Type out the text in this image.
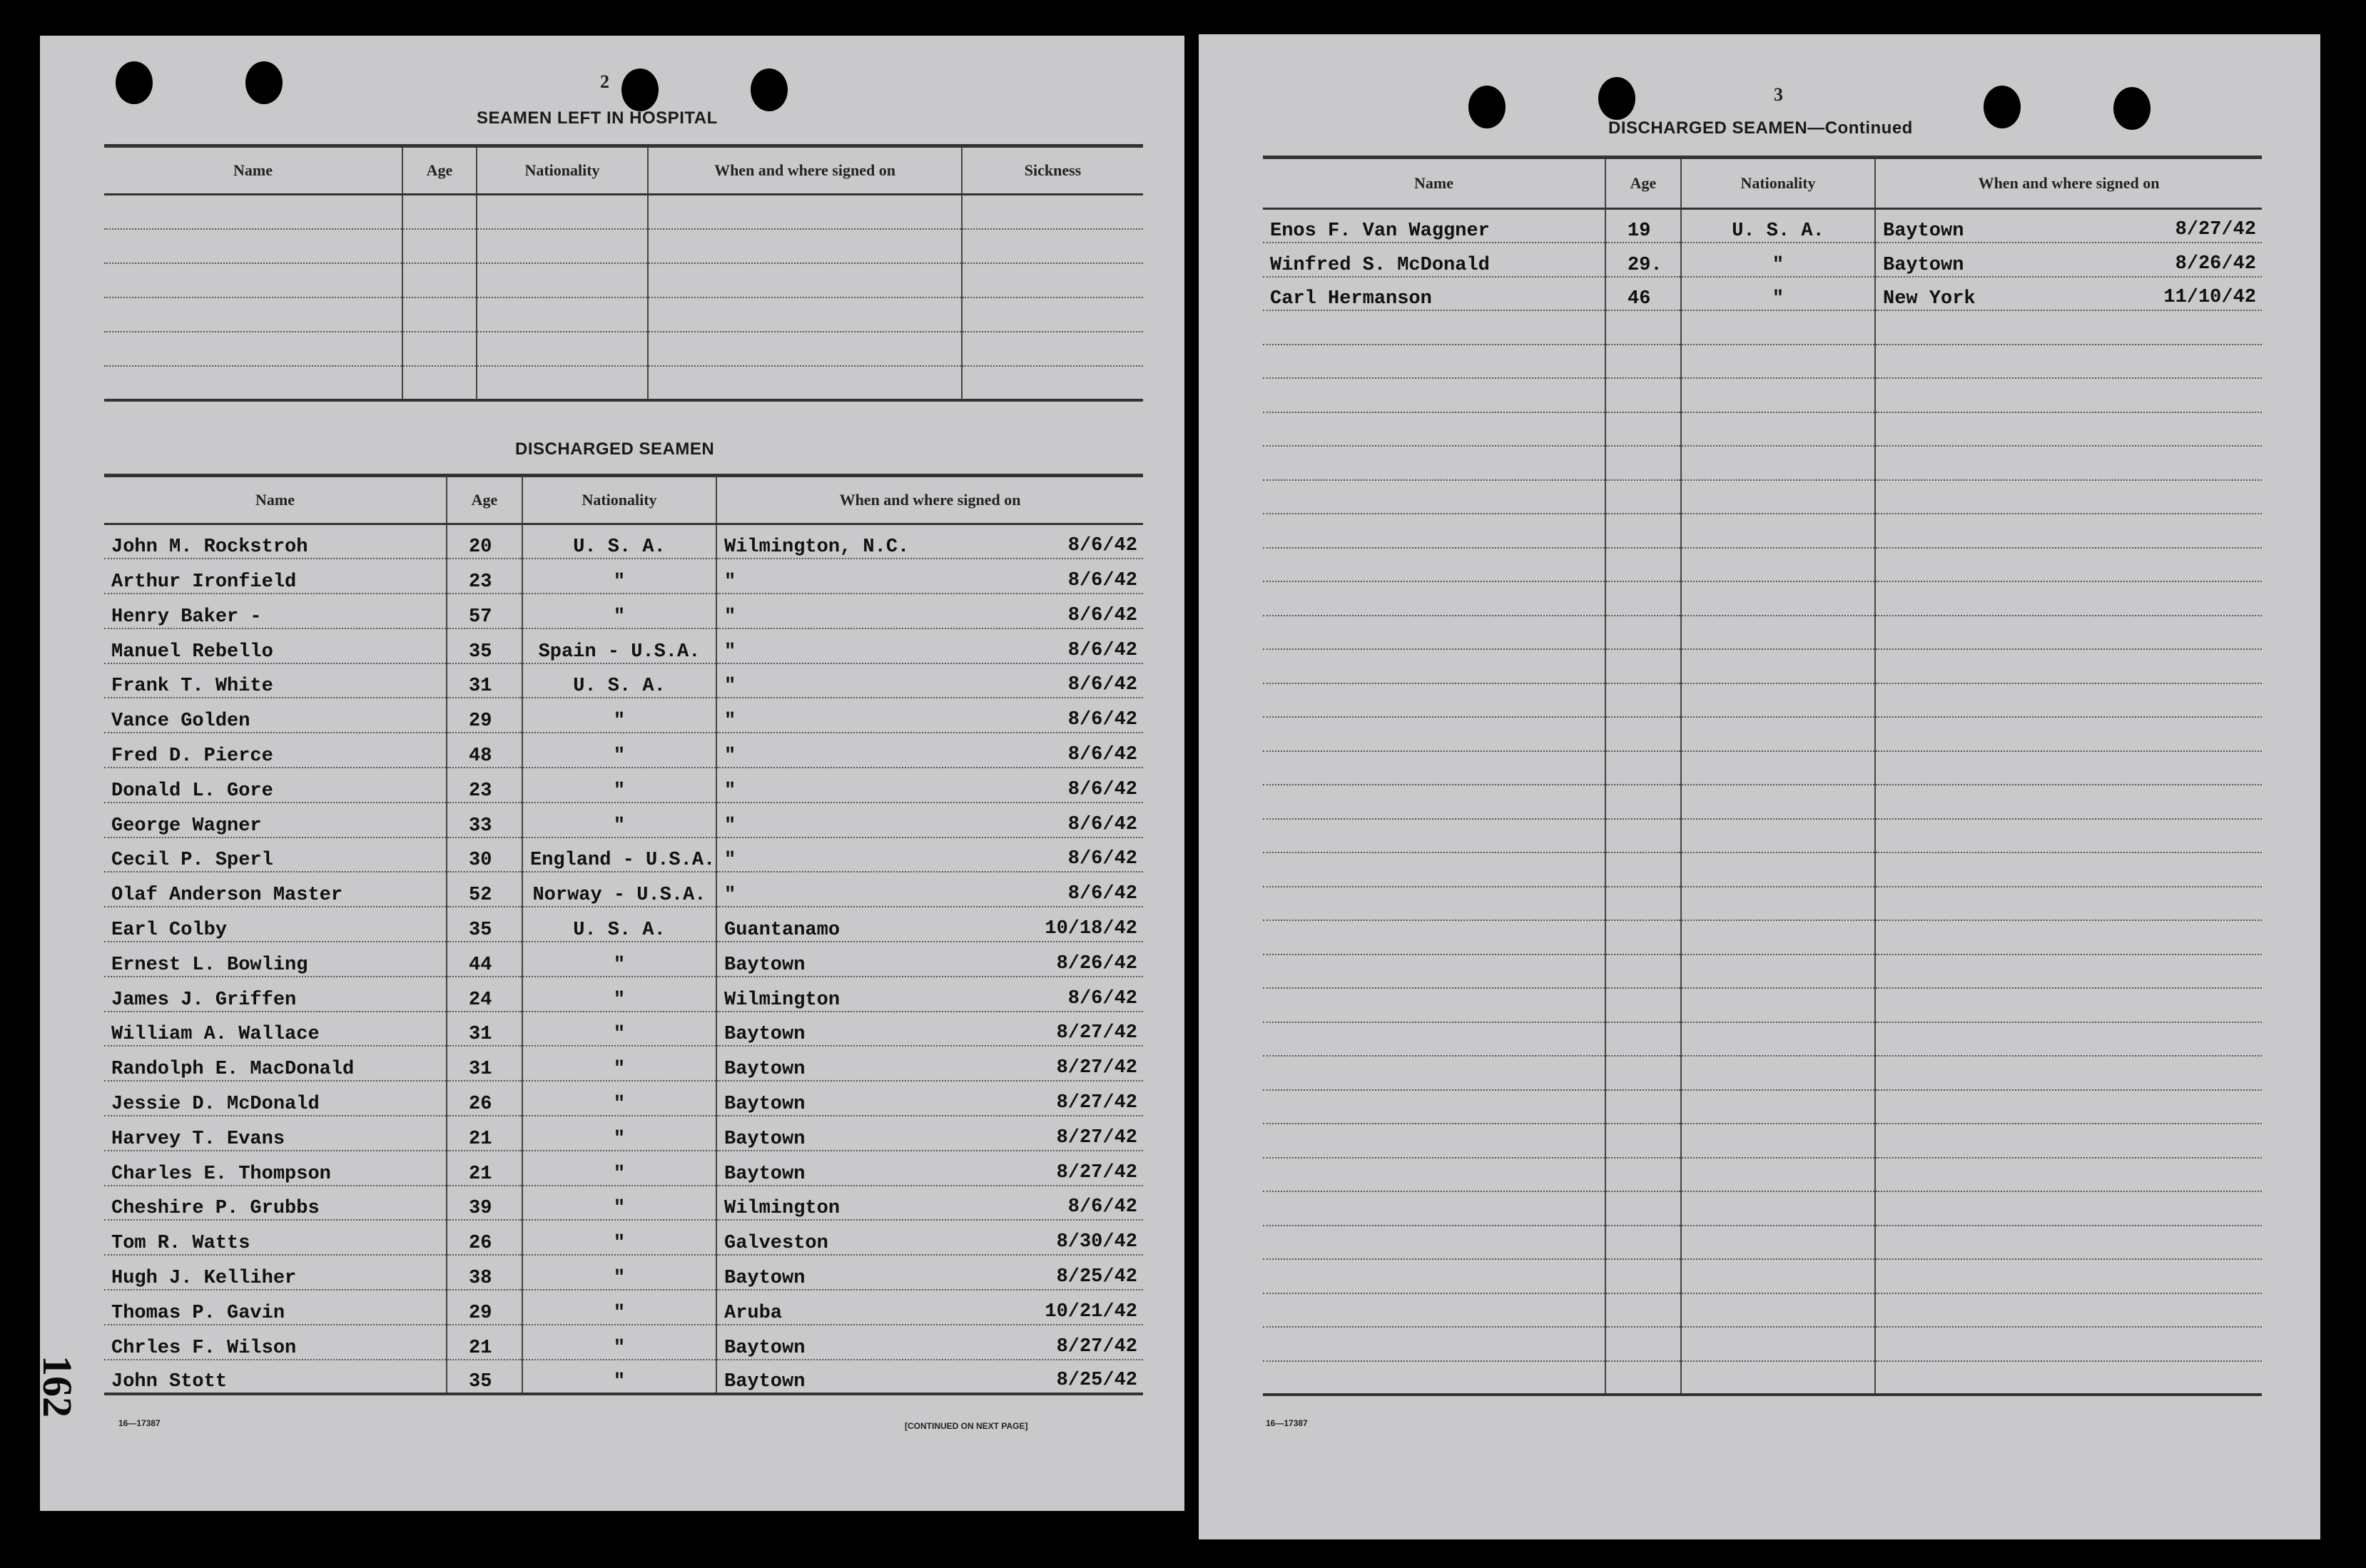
2
SEAMEN LEFT IN HOSPITAL
Name	Age	Nationality	When and where signed on	Sickness

DISCHARGED SEAMEN
Name	Age	Nationality	When and where signed on
John M. Rockstroh	20	U. S. A.	Wilmington, N.C. 8/6/42

Arthur Ironfield	23	"	" 8/6/42

Henry Baker -	57	"	" 8/6/42

Manuel Rebello	35	Spain - U.S.A.	" 8/6/42

Frank T. White	31	U. S. A.	" 8/6/42

Vance Golden	29	"	" 8/6/42

Fred D. Pierce	48	"	" 8/6/42

Donald L. Gore	23	"	" 8/6/42

George Wagner	33	"	" 8/6/42

Cecil P. Sperl	30	England - U.S.A.	" 8/6/42

Olaf Anderson Master	52	Norway - U.S.A.	" 8/6/42

Earl Colby	35	U. S. A.	Guantanamo 10/18/42

Ernest L. Bowling	44	"	Baytown 8/26/42

James J. Griffen	24	"	Wilmington 8/6/42

William A. Wallace	31	"	Baytown 8/27/42

Randolph E. MacDonald	31	"	Baytown 8/27/42

Jessie D. McDonald	26	"	Baytown 8/27/42

Harvey T. Evans	21	"	Baytown 8/27/42

Charles E. Thompson	21	"	Baytown 8/27/42

Cheshire P. Grubbs	39	"	Wilmington 8/6/42

Tom R. Watts	26	"	Galveston 8/30/42

Hugh J. Kelliher	38	"	Baytown 8/25/42

Thomas P. Gavin	29	"	Aruba 10/21/42

Chrles F. Wilson	21	"	Baytown 8/27/42

John Stott	35	"	Baytown 8/25/42
16—17387	[CONTINUED ON NEXT PAGE]
162
3
DISCHARGED SEAMEN—Continued
Name	Age	Nationality	When and where signed on
Enos F. Van Waggner	19	U. S. A.	Baytown 8/27/42

Winfred S. McDonald	29.	"	Baytown 8/26/42

Carl Hermanson	46	"	New York 11/10/42

16—17387
